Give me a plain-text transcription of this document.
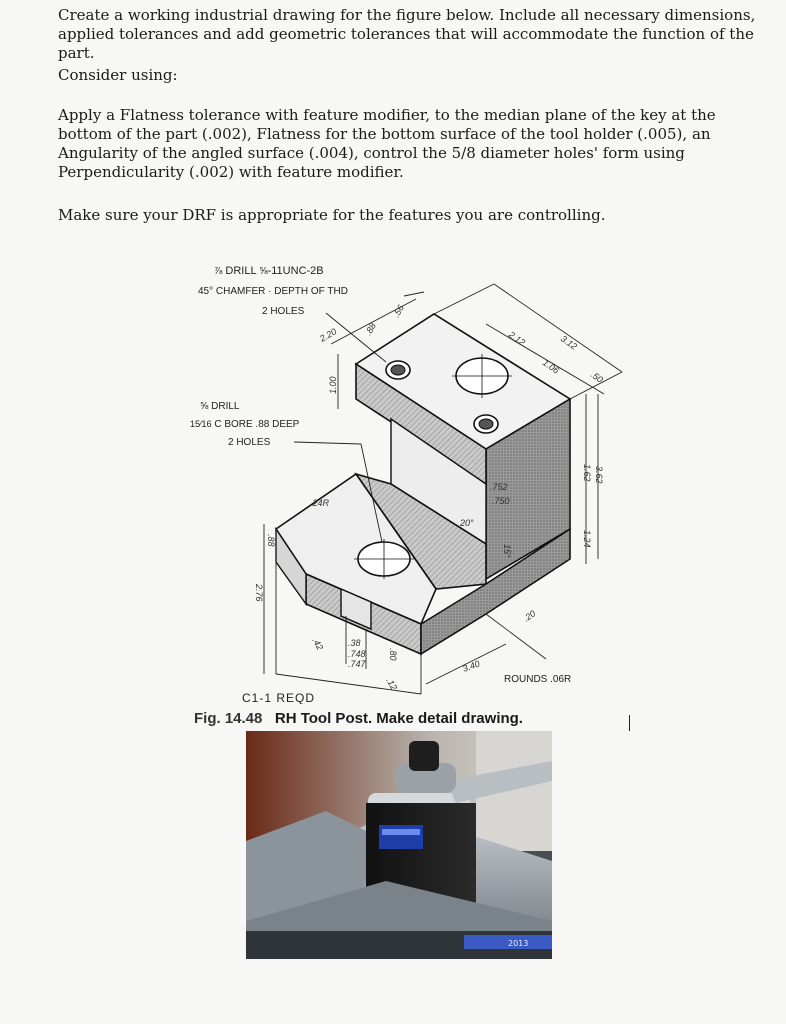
Create a working industrial drawing for the figure below. Include all necessary dimensions, applied tolerances and add geometric tolerances that will accommodate the function of the part.

Consider using:

Apply a Flatness tolerance with feature modifier, to the median plane of the key at the bottom of the part (.002), Flatness for the bottom surface of the tool holder (.005), an Angularity of the angled surface (.004), control the 5/8 diameter holes' form using Perpendicularity (.002) with feature modifier.

Make sure your DRF is appropriate for the features you are controlling.

⅞ DRILL ⅝-11UNC-2B
45° CHAMFER · DEPTH OF THD
2 HOLES
⅝ DRILL
15⁄16 C BORE .88 DEEP
2 HOLES
2.20	.88
.56
1.00
2.12	3.12
1.06
.50
.24R
.752
.750
20°
1.62 3.62
1.24
15°
.20
.88
2.76
.42	.38
.748
.747
.12
.80
3.40
ROUNDS .06R
C1-1 REQD
Fig. 14.48 RH Tool Post. Make detail drawing.
2013
